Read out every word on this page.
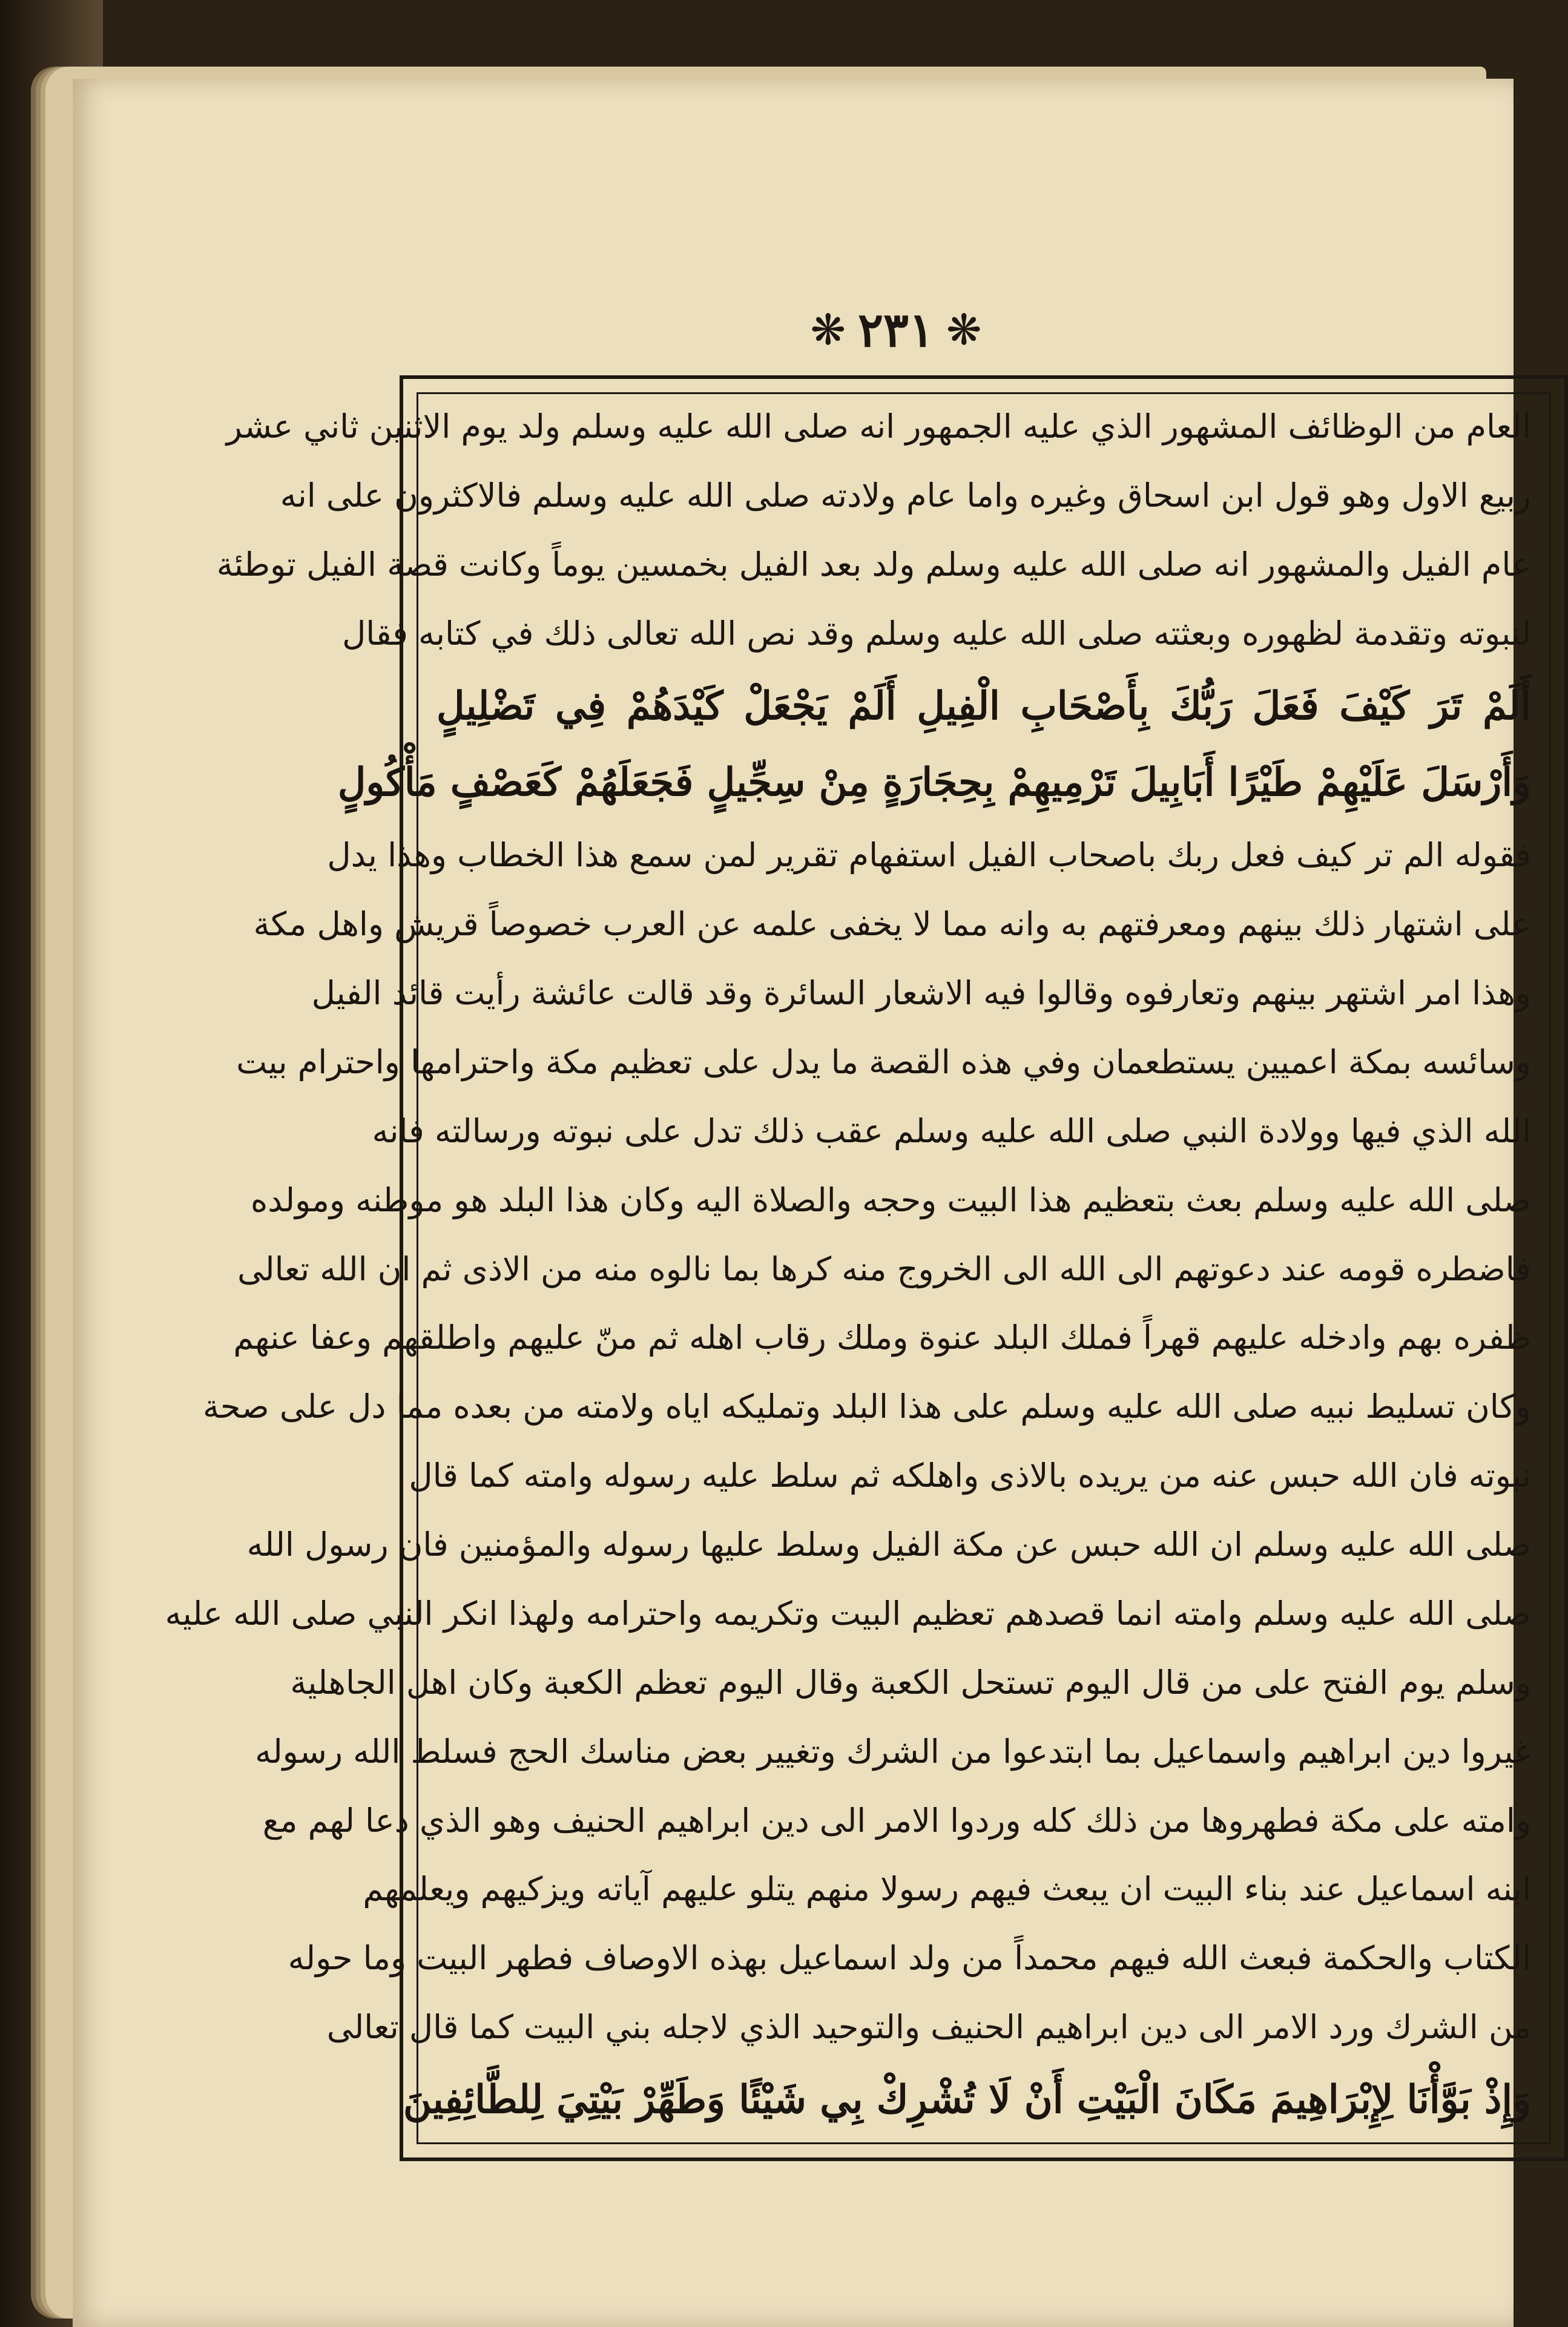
❋ ٢٣١ ❋
العام من الوظائف المشهور الذي عليه الجمهور انه صلى الله عليه وسلم ولد يوم الاثنين ثاني عشر
ربيع الاول وهو قول ابن اسحاق وغيره واما عام ولادته صلى الله عليه وسلم فالاكثرون على انه
عام الفيل والمشهور انه صلى الله عليه وسلم ولد بعد الفيل بخمسين يوماً وكانت قصة الفيل توطئة
لنبوته وتقدمة لظهوره وبعثته صلى الله عليه وسلم وقد نص الله تعالى ذلك في كتابه فقال
أَلَمْ تَرَ كَيْفَ فَعَلَ رَبُّكَ بِأَصْحَابِ الْفِيلِ أَلَمْ يَجْعَلْ كَيْدَهُمْ فِي تَضْلِيلٍ
وَأَرْسَلَ عَلَيْهِمْ طَيْرًا أَبَابِيلَ تَرْمِيهِمْ بِحِجَارَةٍ مِنْ سِجِّيلٍ فَجَعَلَهُمْ كَعَصْفٍ مَأْكُولٍ
فقوله الم تر كيف فعل ربك باصحاب الفيل استفهام تقرير لمن سمع هذا الخطاب وهذا يدل
على اشتهار ذلك بينهم ومعرفتهم به وانه مما لا يخفى علمه عن العرب خصوصاً قريش واهل مكة
وهذا امر اشتهر بينهم وتعارفوه وقالوا فيه الاشعار السائرة وقد قالت عائشة رأيت قائد الفيل
وسائسه بمكة اعميين يستطعمان وفي هذه القصة ما يدل على تعظيم مكة واحترامها واحترام بيت
الله الذي فيها وولادة النبي صلى الله عليه وسلم عقب ذلك تدل على نبوته ورسالته فانه
صلى الله عليه وسلم بعث بتعظيم هذا البيت وحجه والصلاة اليه وكان هذا البلد هو موطنه ومولده
فاضطره قومه عند دعوتهم الى الله الى الخروج منه كرها بما نالوه منه من الاذى ثم ان الله تعالى
ظفره بهم وادخله عليهم قهراً فملك البلد عنوة وملك رقاب اهله ثم منّ عليهم واطلقهم وعفا عنهم
وكان تسليط نبيه صلى الله عليه وسلم على هذا البلد وتمليكه اياه ولامته من بعده مما دل على صحة
نبوته فان الله حبس عنه من يريده بالاذى واهلكه ثم سلط عليه رسوله وامته كما قال
صلى الله عليه وسلم ان الله حبس عن مكة الفيل وسلط عليها رسوله والمؤمنين فان رسول الله
صلى الله عليه وسلم وامته انما قصدهم تعظيم البيت وتكريمه واحترامه ولهذا انكر النبي صلى الله عليه
وسلم يوم الفتح على من قال اليوم تستحل الكعبة وقال اليوم تعظم الكعبة وكان اهل الجاهلية
غيروا دين ابراهيم واسماعيل بما ابتدعوا من الشرك وتغيير بعض مناسك الحج فسلط الله رسوله
وامته على مكة فطهروها من ذلك كله وردوا الامر الى دين ابراهيم الحنيف وهو الذي دعا لهم مع
ابنه اسماعيل عند بناء البيت ان يبعث فيهم رسولا منهم يتلو عليهم آياته ويزكيهم ويعلمهم
الكتاب والحكمة فبعث الله فيهم محمداً من ولد اسماعيل بهذه الاوصاف فطهر البيت وما حوله
من الشرك ورد الامر الى دين ابراهيم الحنيف والتوحيد الذي لاجله بني البيت كما قال تعالى
وَإِذْ بَوَّأْنَا لِإِبْرَاهِيمَ مَكَانَ الْبَيْتِ أَنْ لَا تُشْرِكْ بِي شَيْئًا وَطَهِّرْ بَيْتِيَ لِلطَّائِفِينَ
